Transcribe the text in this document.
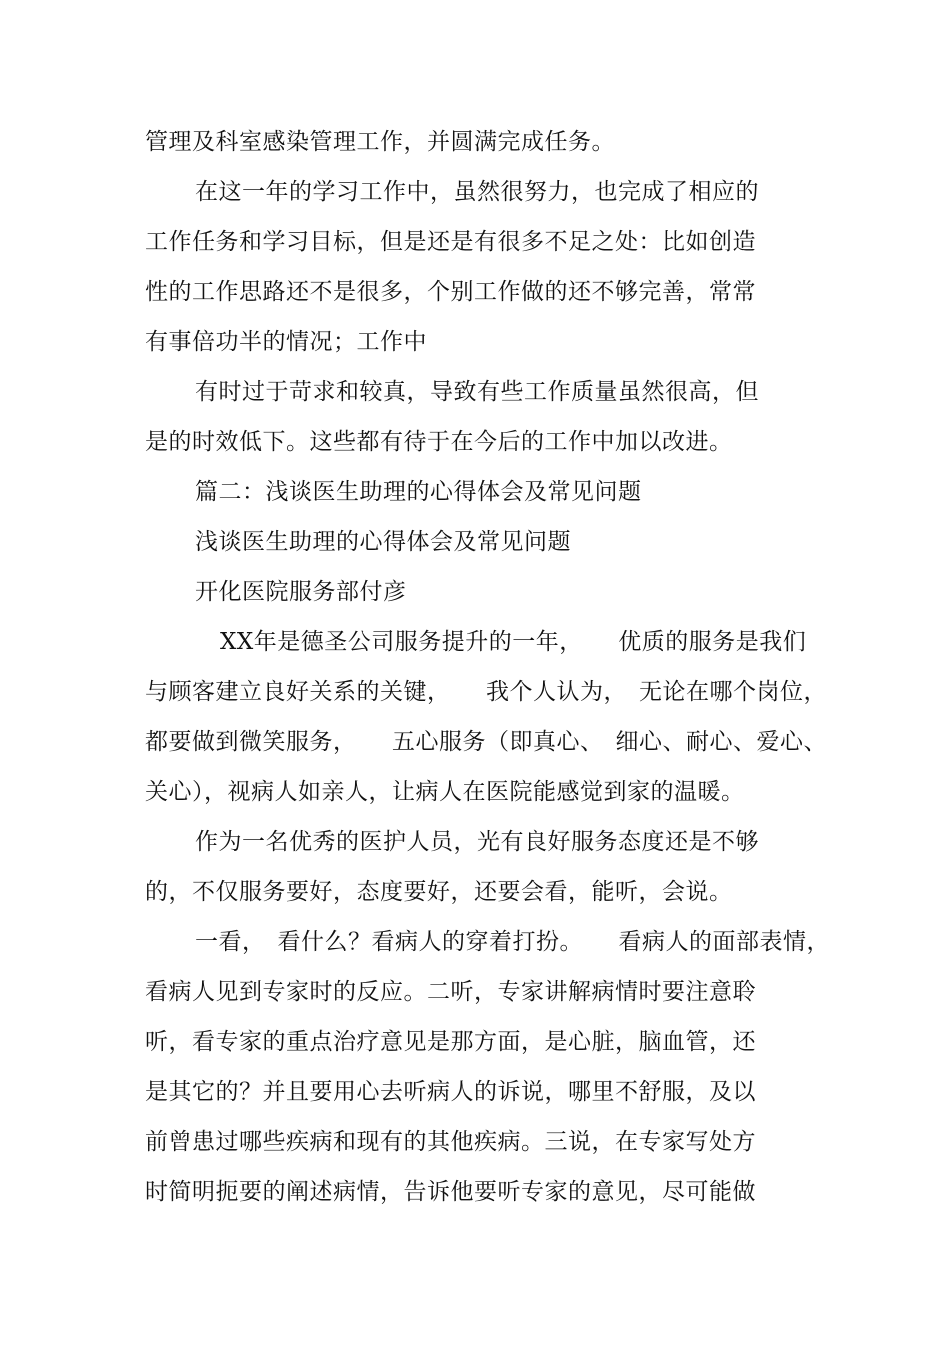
管理及科室感染管理工作，并圆满完成任务。
在这一年的学习工作中，虽然很努力，也完成了相应的
工作任务和学习目标，但是还是有很多不足之处：比如创造
性的工作思路还不是很多，个别工作做的还不够完善，常常
有事倍功半的情况；工作中
有时过于苛求和较真，导致有些工作质量虽然很高，但
是的时效低下。这些都有待于在今后的工作中加以改进。
篇二：浅谈医生助理的心得体会及常见问题
浅谈医生助理的心得体会及常见问题
开化医院服务部付彦
XX年是德圣公司服务提升的一年，　　优质的服务是我们
与顾客建立良好关系的关键，　　我个人认为，　无论在哪个岗位，
都要做到微笑服务，　　五心服务（即真心、　细心、耐心、爱心、
关心），视病人如亲人，让病人在医院能感觉到家的温暖。
作为一名优秀的医护人员，光有良好服务态度还是不够
的，不仅服务要好，态度要好，还要会看，能听，会说。
一看，　看什么？看病人的穿着打扮。　　看病人的面部表情，
看病人见到专家时的反应。二听，专家讲解病情时要注意聆
听，看专家的重点治疗意见是那方面，是心脏，脑血管，还
是其它的？并且要用心去听病人的诉说，哪里不舒服，及以
前曾患过哪些疾病和现有的其他疾病。三说，在专家写处方
时简明扼要的阐述病情，告诉他要听专家的意见，尽可能做
